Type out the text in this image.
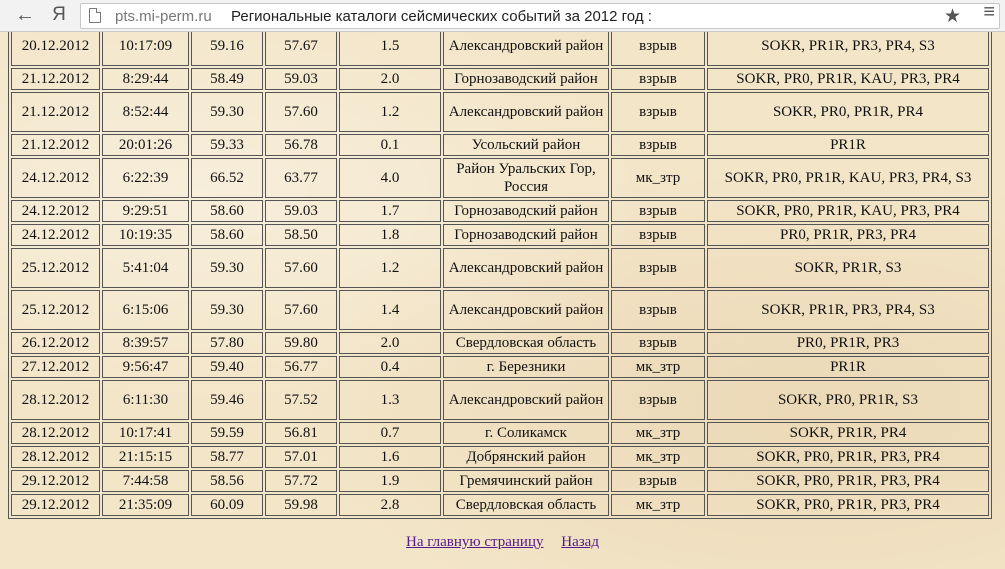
← Я	pts.mi-perm.ru Региональные каталоги сейсмических событий за 2012 год :	★ ≡
20.12.2012	10:17:09	59.16	57.67	1.5	Александровский район	взрыв	SOKR, PR1R, PR3, PR4, S3
21.12.2012	8:29:44	58.49	59.03	2.0	Горнозаводский район	взрыв	SOKR, PR0, PR1R, KAU, PR3, PR4
21.12.2012	8:52:44	59.30	57.60	1.2	Александровский район	взрыв	SOKR, PR0, PR1R, PR4
21.12.2012	20:01:26	59.33	56.78	0.1	Усольский район	взрыв	PR1R
24.12.2012	6:22:39	66.52	63.77	4.0	Район Уральских Гор, Россия	мк_зтр	SOKR, PR0, PR1R, KAU, PR3, PR4, S3
24.12.2012	9:29:51	58.60	59.03	1.7	Горнозаводский район	взрыв	SOKR, PR0, PR1R, KAU, PR3, PR4
24.12.2012	10:19:35	58.60	58.50	1.8	Горнозаводский район	взрыв	PR0, PR1R, PR3, PR4
25.12.2012	5:41:04	59.30	57.60	1.2	Александровский район	взрыв	SOKR, PR1R, S3
25.12.2012	6:15:06	59.30	57.60	1.4	Александровский район	взрыв	SOKR, PR1R, PR3, PR4, S3
26.12.2012	8:39:57	57.80	59.80	2.0	Свердловская область	взрыв	PR0, PR1R, PR3
27.12.2012	9:56:47	59.40	56.77	0.4	г. Березники	мк_зтр	PR1R
28.12.2012	6:11:30	59.46	57.52	1.3	Александровский район	взрыв	SOKR, PR0, PR1R, S3
28.12.2012	10:17:41	59.59	56.81	0.7	г. Соликамск	мк_зтр	SOKR, PR1R, PR4
28.12.2012	21:15:15	58.77	57.01	1.6	Добрянский район	мк_зтр	SOKR, PR0, PR1R, PR3, PR4
29.12.2012	7:44:58	58.56	57.72	1.9	Гремячинский район	взрыв	SOKR, PR0, PR1R, PR3, PR4
29.12.2012	21:35:09	60.09	59.98	2.8	Свердловская область	мк_зтр	SOKR, PR0, PR1R, PR3, PR4
На главную страницу Назад
